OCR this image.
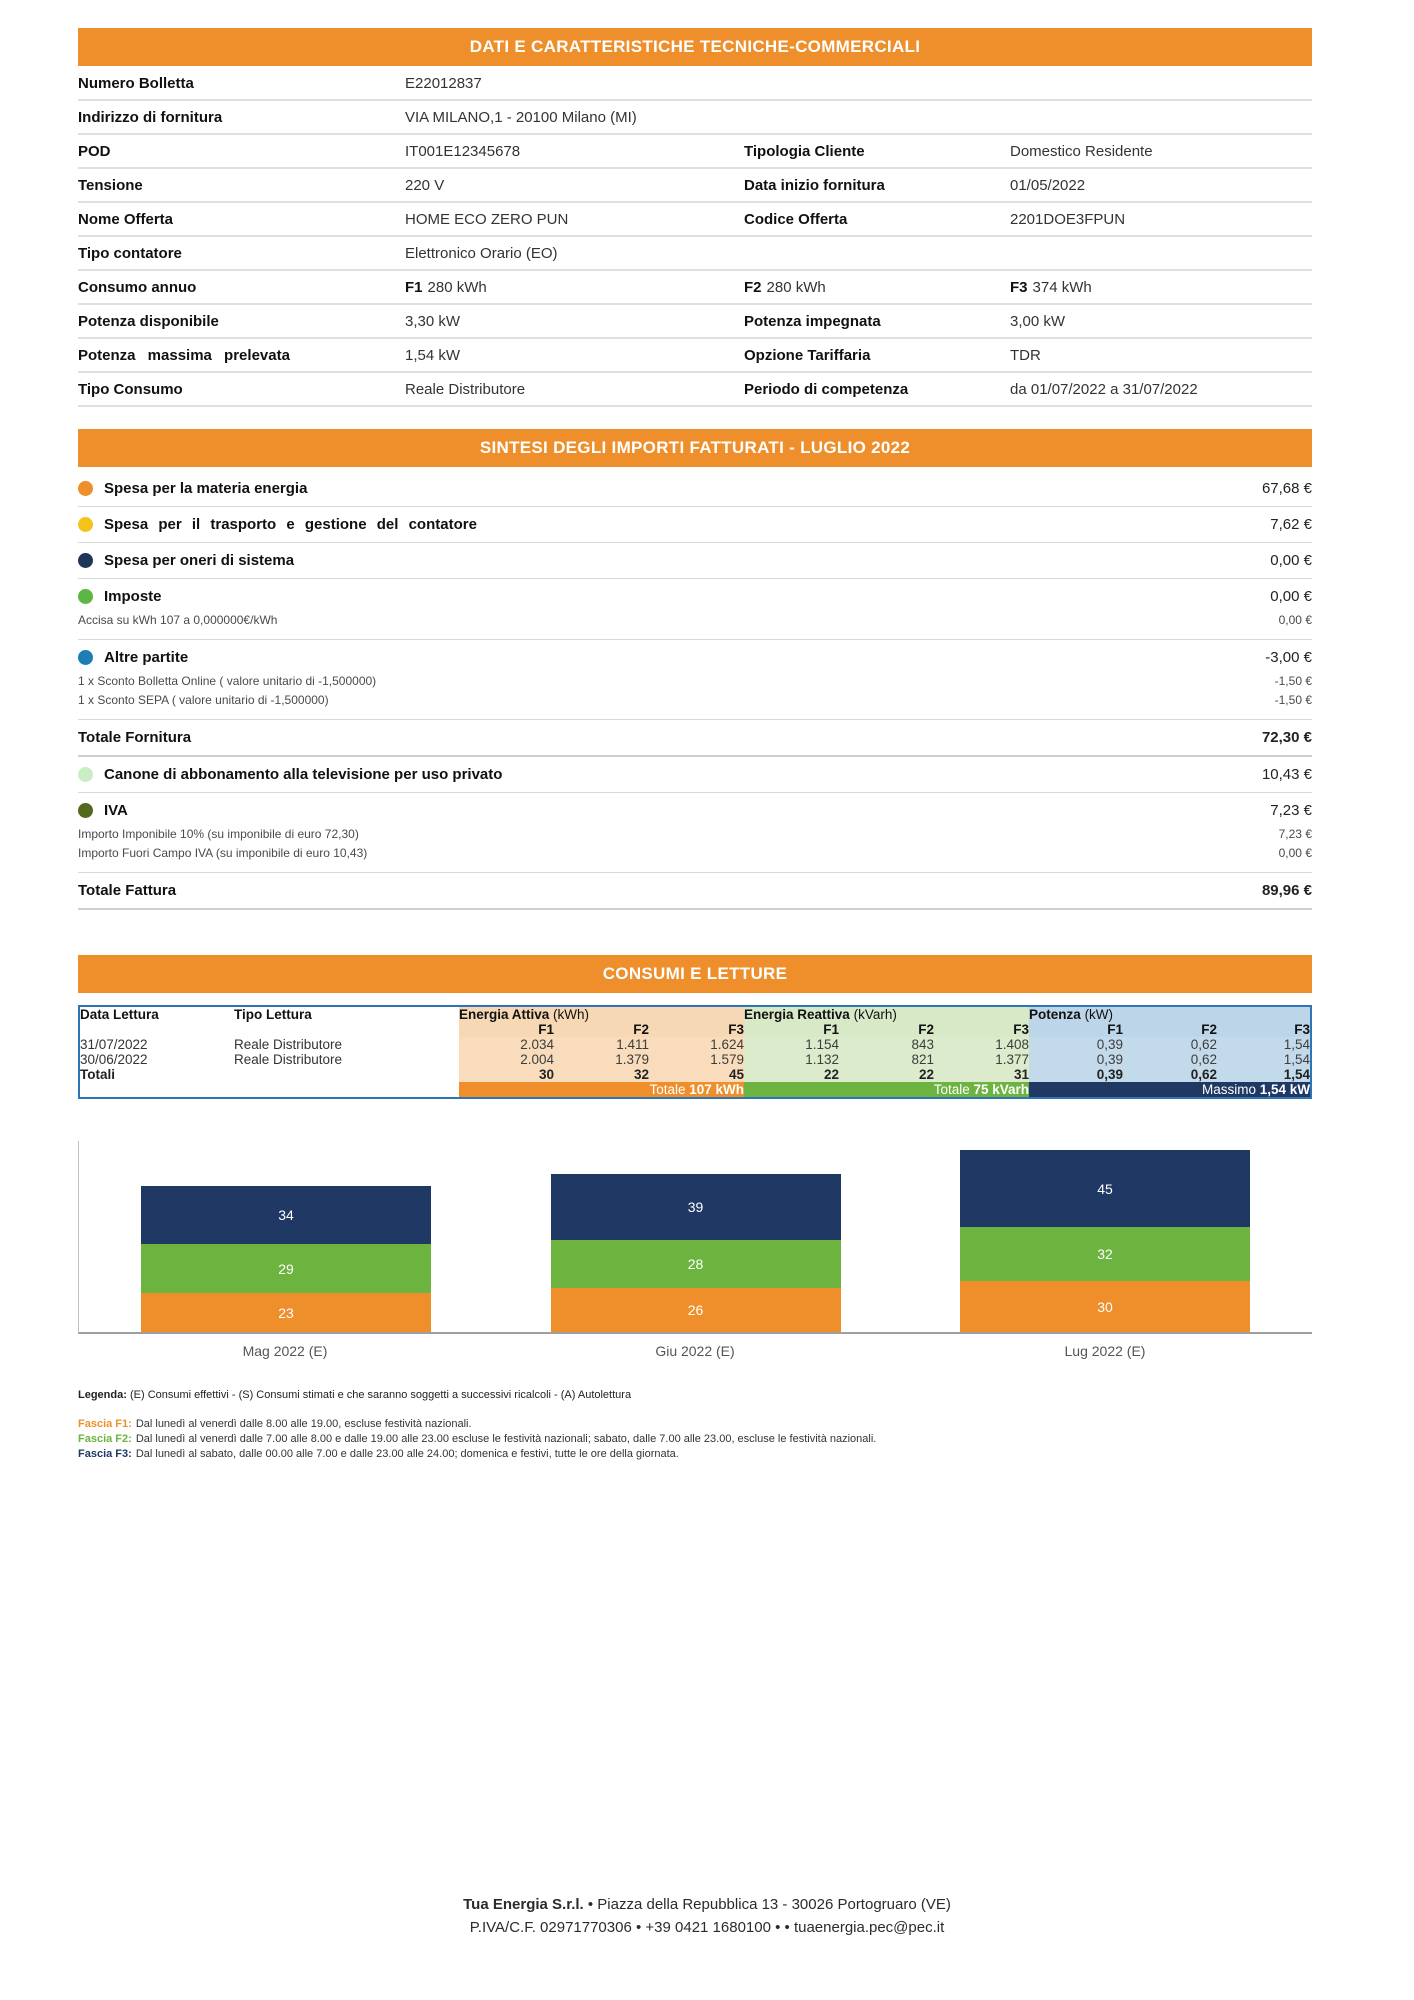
DATI E CARATTERISTICHE TECNICHE-COMMERCIALI
Numero Bolletta	E22012837
Indirizzo di fornitura	VIA MILANO,1 - 20100 Milano (MI)
POD	IT001E12345678	Tipologia Cliente	Domestico Residente
Tensione	220 V	Data inizio fornitura	01/05/2022
Nome Offerta	HOME ECO ZERO PUN	Codice Offerta	2201DOE3FPUN
Tipo contatore	Elettronico Orario (EO)
Consumo annuo	F1 280 kWh	F2 280 kWh	F3 374 kWh
Potenza disponibile	3,30 kW	Potenza impegnata	3,00 kW
Potenza massima prelevata	1,54 kW	Opzione Tariffaria	TDR
Tipo Consumo	Reale Distributore	Periodo di competenza	da 01/07/2022 a 31/07/2022
SINTESI DEGLI IMPORTI FATTURATI - LUGLIO 2022
Spesa per la materia energia	67,68 €
Spesa per il trasporto e gestione del contatore	7,62 €
Spesa per oneri di sistema	0,00 €
Imposte	0,00 €
Accisa su kWh 107 a 0,000000€/kWh	0,00 €
Altre partite	-3,00 €
1 x Sconto Bolletta Online ( valore unitario di -1,500000)	-1,50 €
1 x Sconto SEPA ( valore unitario di -1,500000)	-1,50 €
Totale Fornitura	72,30 €
Canone di abbonamento alla televisione per uso privato	10,43 €
IVA	7,23 €
Importo Imponibile 10% (su imponibile di euro 72,30)	7,23 €
Importo Fuori Campo IVA (su imponibile di euro 10,43)	0,00 €
Totale Fattura	89,96 €
CONSUMI E LETTURE
Data Lettura	Tipo Lettura	Energia Attiva (kWh)			Energia Reattiva (kVarh)			Potenza (kW)		
		F1	F2	F3	F1	F2	F3	F1	F2	F3
31/07/2022	Reale Distributore	2.034	1.411	1.624	1.154	843	1.408	0,39	0,62	1,54
30/06/2022	Reale Distributore	2.004	1.379	1.579	1.132	821	1.377	0,39	0,62	1,54
Totali		30	32	45	22	22	31	0,39	0,62	1,54
		Totale 107 kWh			Totale 75 kVarh			Massimo 1,54 kW		
34
29
23
39
28
26
45
32
30
Mag 2022 (E)	Giu 2022 (E)	Lug 2022 (E)
Legenda: (E) Consumi effettivi - (S) Consumi stimati e che saranno soggetti a successivi ricalcoli - (A) Autolettura
Fascia F1: Dal lunedì al venerdì dalle 8.00 alle 19.00, escluse festività nazionali.
Fascia F2: Dal lunedì al venerdì dalle 7.00 alle 8.00 e dalle 19.00 alle 23.00 escluse le festività nazionali; sabato, dalle 7.00 alle 23.00, escluse le festività nazionali.
Fascia F3: Dal lunedì al sabato, dalle 00.00 alle 7.00 e dalle 23.00 alle 24.00; domenica e festivi, tutte le ore della giornata.
Tua Energia S.r.l. • Piazza della Repubblica 13 - 30026 Portogruaro (VE)
P.IVA/C.F. 02971770306 • +39 0421 1680100 • • tuaenergia.pec@pec.it
